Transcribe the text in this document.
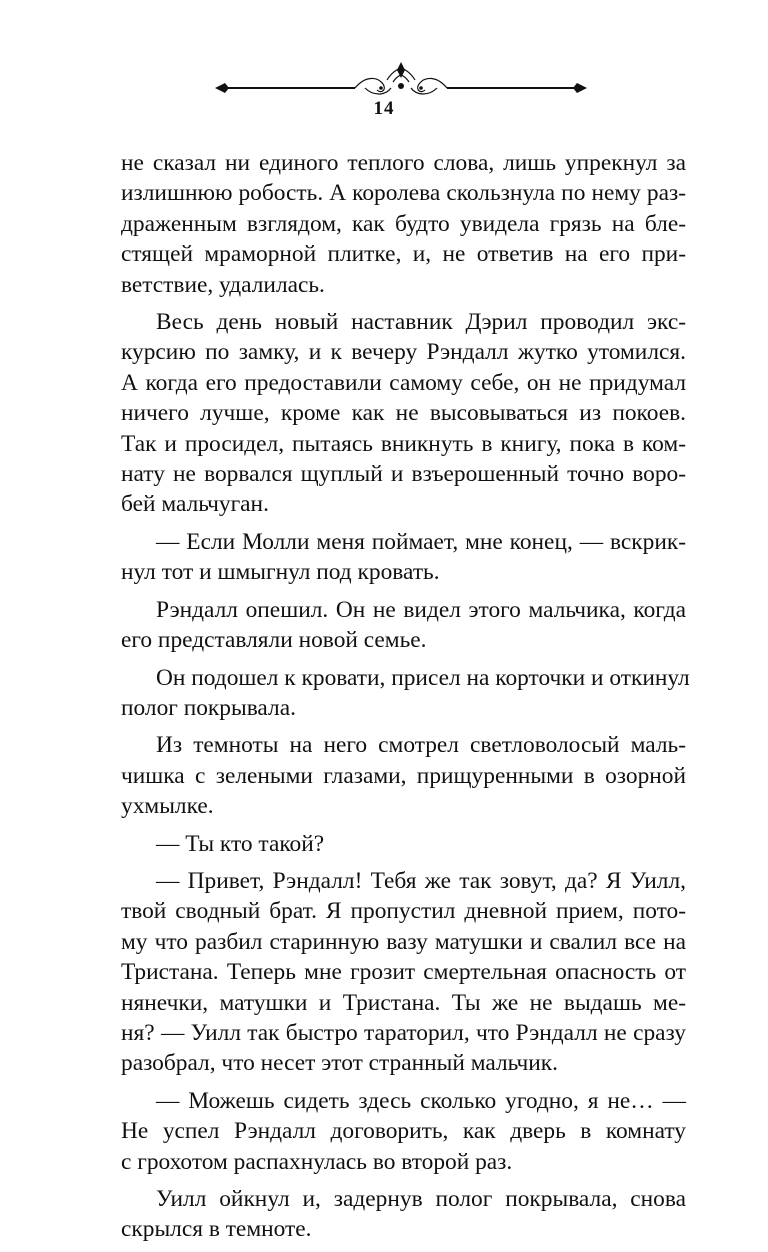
14
не сказал ни единого теплого слова, лишь упрекнул за
излишнюю робость. А королева скользнула по нему раз-
драженным взглядом, как будто увидела грязь на бле-
стящей мраморной плитке, и, не ответив на его при-
ветствие, удалилась.
Весь день новый наставник Дэрил проводил экс-
курсию по замку, и к вечеру Рэндалл жутко утомился.
А когда его предоставили самому себе, он не придумал
ничего лучше, кроме как не высовываться из покоев.
Так и просидел, пытаясь вникнуть в книгу, пока в ком-
нату не ворвался щуплый и взъерошенный точно воро-
бей мальчуган.
— Если Молли меня поймает, мне конец, — вскрик-
нул тот и шмыгнул под кровать.
Рэндалл опешил. Он не видел этого мальчика, когда
его представляли новой семье.
Он подошел к кровати, присел на корточки и откинул
полог покрывала.
Из темноты на него смотрел светловолосый маль-
чишка с зелеными глазами, прищуренными в озорной
ухмылке.
— Ты кто такой?
— Привет, Рэндалл! Тебя же так зовут, да? Я Уилл,
твой сводный брат. Я пропустил дневной прием, пото-
му что разбил старинную вазу матушки и свалил все на
Тристана. Теперь мне грозит смертельная опасность от
нянечки, матушки и Тристана. Ты же не выдашь ме-
ня? — Уилл так быстро тараторил, что Рэндалл не сразу
разобрал, что несет этот странный мальчик.
— Можешь сидеть здесь сколько угодно, я не… —
Не успел Рэндалл договорить, как дверь в комнату
с грохотом распахнулась во второй раз.
Уилл ойкнул и, задернув полог покрывала, снова
скрылся в темноте.
